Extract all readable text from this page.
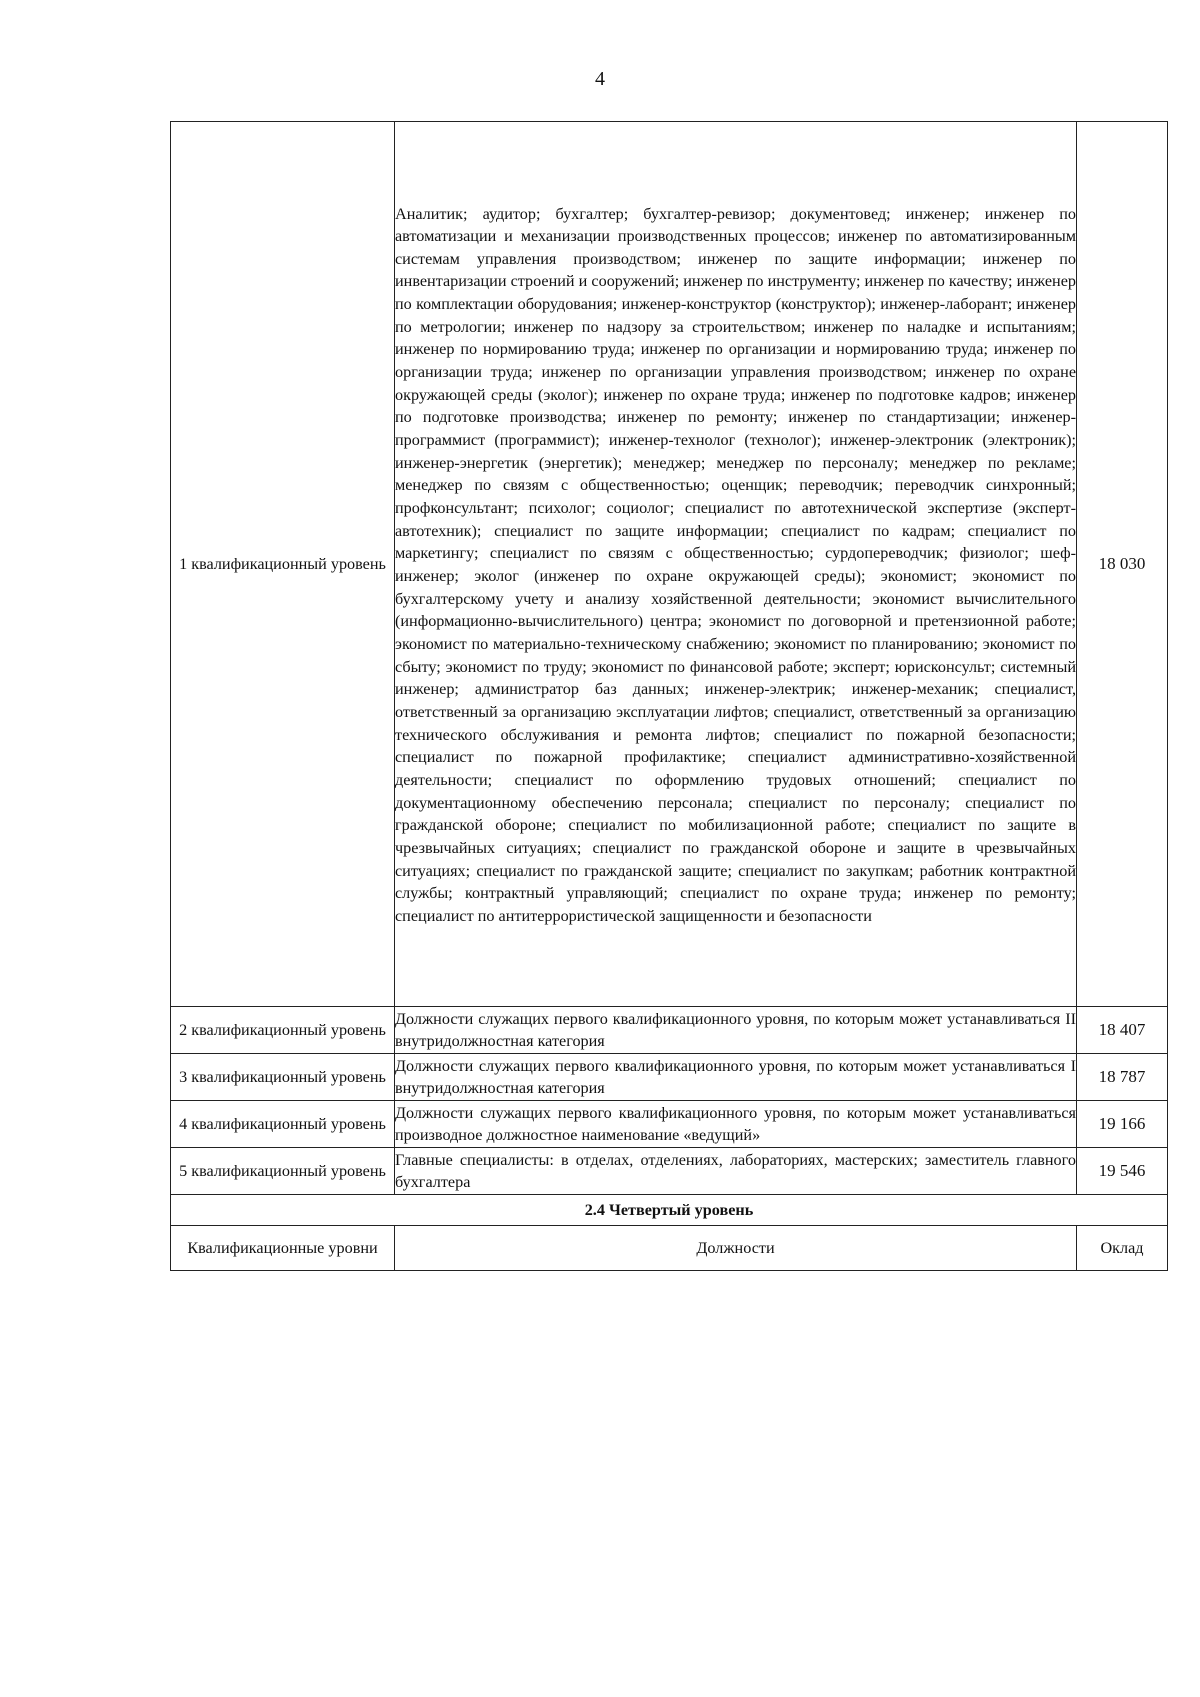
4
1 квалификационный уровень	Аналитик; аудитор; бухгалтер; бухгалтер-ревизор; документовед; инженер; инженер по автоматизации и механизации производственных процессов; инженер по автоматизированным системам управления производством; инженер по защите информации; инженер по инвентаризации строений и сооружений; инженер по инструменту; инженер по качеству; инженер по комплектации оборудования; инженер-конструктор (конструктор); инженер-лаборант; инженер по метрологии; инженер по надзору за строительством; инженер по наладке и испытаниям; инженер по нормированию труда; инженер по организации и нормированию труда; инженер по организации труда; инженер по организации управления производством; инженер по охране окружающей среды (эколог); инженер по охране труда; инженер по подготовке кадров; инженер по подготовке производства; инженер по ремонту; инженер по стандартизации; инженер-программист (программист); инженер-технолог (технолог); инженер-электроник (электроник); инженер-энергетик (энергетик); менеджер; менеджер по персоналу; менеджер по рекламе; менеджер по связям с общественностью; оценщик; переводчик; переводчик синхронный; профконсультант; психолог; социолог; специалист по автотехнической экспертизе (эксперт-автотехник); специалист по защите информации; специалист по кадрам; специалист по маркетингу; специалист по связям с общественностью; сурдопереводчик; физиолог; шеф-инженер; эколог (инженер по охране окружающей среды); экономист; экономист по бухгалтерскому учету и анализу хозяйственной деятельности; экономист вычислительного (информационно-вычислительного) центра; экономист по договорной и претензионной работе; экономист по материально-техническому снабжению; экономист по планированию; экономист по сбыту; экономист по труду; экономист по финансовой работе; эксперт; юрисконсульт; системный инженер; администратор баз данных; инженер-электрик; инженер-механик; специалист, ответственный за организацию эксплуатации лифтов; специалист, ответственный за организацию технического обслуживания и ремонта лифтов; специалист по пожарной безопасности; специалист по пожарной профилактике; специалист административно-хозяйственной деятельности; специалист по оформлению трудовых отношений; специалист по документационному обеспечению персонала; специалист по персоналу; специалист по гражданской обороне; специалист по мобилизационной работе; специалист по защите в чрезвычайных ситуациях; специалист по гражданской обороне и защите в чрезвычайных ситуациях; специалист по гражданской защите; специалист по закупкам; работник контрактной службы; контрактный управляющий; специалист по охране труда; инженер по ремонту; специалист по антитеррористической защищенности и безопасности	18 030
2 квалификационный уровень	Должности служащих первого квалификационного уровня, по которым может устанавливаться II внутридолжностная категория	18 407
3 квалификационный уровень	Должности служащих первого квалификационного уровня, по которым может устанавливаться I внутридолжностная категория	18 787
4 квалификационный уровень	Должности служащих первого квалификационного уровня, по которым может устанавливаться производное должностное наименование «ведущий»	19 166
5 квалификационный уровень	Главные специалисты: в отделах, отделениях, лабораториях, мастерских; заместитель главного бухгалтера	19 546
2.4 Четвертый уровень		
Квалификационные уровни	Должности	Оклад
